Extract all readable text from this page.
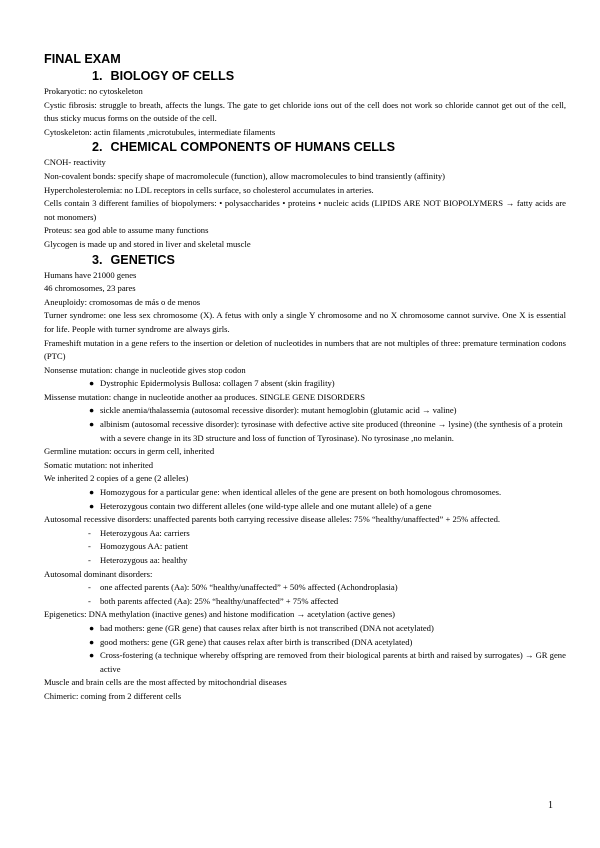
FINAL EXAM
1. BIOLOGY OF CELLS

Prokaryotic: no cytoskeleton

Cystic fibrosis: struggle to breath, affects the lungs. The gate to get chloride ions out of the cell does not work so chloride cannot get out of the cell, thus sticky mucus forms on the outside of the cell.

Cytoskeleton: actin filaments ,microtubules, intermediate filaments

2. CHEMICAL COMPONENTS OF HUMANS CELLS

CNOH- reactivity

Non-covalent bonds: specify shape of macromolecule (function), allow macromolecules to bind transiently (affinity)

Hypercholesterolemia: no LDL receptors in cells surface, so cholesterol accumulates in arteries.

Cells contain 3 different families of biopolymers: • polysaccharides • proteins • nucleic acids (LIPIDS ARE NOT BIOPOLYMERS → fatty acids are not monomers)

Proteus: sea god able to assume many functions

Glycogen is made up and stored in liver and skeletal muscle

3. GENETICS

Humans have 21000 genes

46 chromosomes, 23 pares

Aneuploidy: cromosomas de más o de menos

Turner syndrome: one less sex chromosome (X). A fetus with only a single Y chromosome and no X chromosome cannot survive. One X is essential for life. People with turner syndrome are always girls.

Frameshift mutation in a gene refers to the insertion or deletion of nucleotides in numbers that are not multiples of three: premature termination codons (PTC)

Nonsense mutation: change in nucleotide gives stop codon

● Dystrophic Epidermolysis Bullosa: collagen 7 absent (skin fragility)

Missense mutation: change in nucleotide another aa produces. SINGLE GENE DISORDERS

● sickle anemia/thalassemia (autosomal recessive disorder): mutant hemoglobin (glutamic acid → valine)
● albinism (autosomal recessive disorder): tyrosinase with defective active site produced (threonine → lysine) (the synthesis of a protein with a severe change in its 3D structure and loss of function of Tyrosinase). No tyrosinase ,no melanin.

Germline mutation: occurs in germ cell, inherited

Somatic mutation: not inherited

We inherited 2 copies of a gene (2 alleles)

● Homozygous for a particular gene: when identical alleles of the gene are present on both homologous chromosomes.
● Heterozygous contain two different alleles (one wild-type allele and one mutant allele) of a gene

Autosomal recessive disorders: unaffected parents both carrying recessive disease alleles: 75% “healthy/unaffected” + 25% affected.

- Heterozygous Aa: carriers
- Homozygous AA: patient
- Heterozygous aa: healthy

Autosomal dominant disorders:

- one affected parents (Aa): 50% “healthy/unaffected” + 50% affected (Achondroplasia)
- both parents affected (Aa): 25% “healthy/unaffected” + 75% affected

Epigenetics: DNA methylation (inactive genes) and histone modification → acetylation (active genes)

● bad mothers: gene (GR gene) that causes relax after birth is not transcribed (DNA not acetylated)
● good mothers: gene (GR gene) that causes relax after birth is transcribed (DNA acetylated)
● Cross-fostering (a technique whereby offspring are removed from their biological parents at birth and raised by surrogates) → GR gene active

Muscle and brain cells are the most affected by mitochondrial diseases

Chimeric: coming from 2 different cells

1
